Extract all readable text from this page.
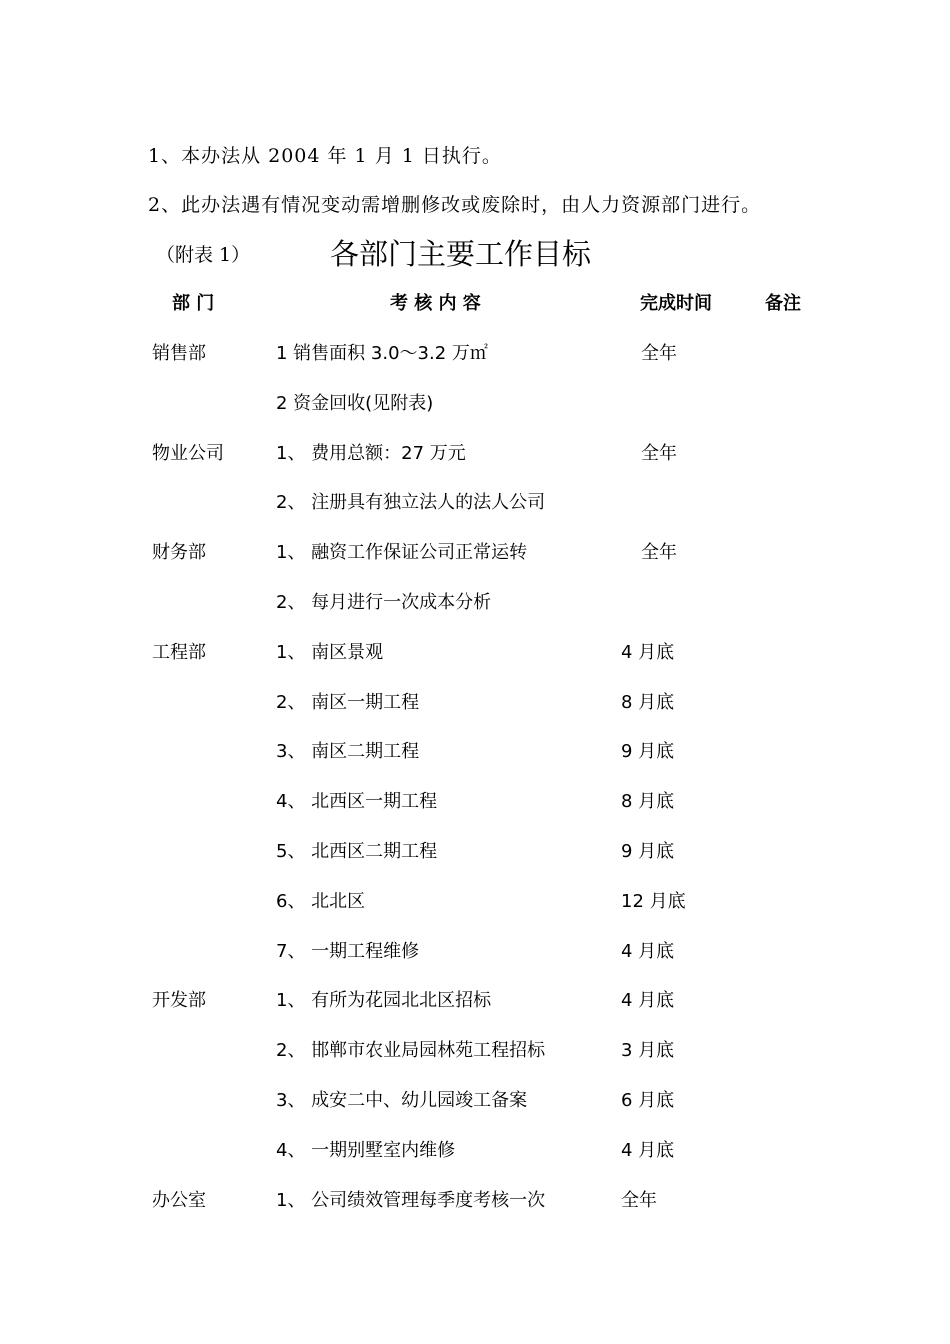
1、本办法从 2004 年 1 月 1 日执行。
2、此办法遇有情况变动需增删修改或废除时，由人力资源部门进行。
（附表 1）	各部门主要工作目标
部 门	考 核 内 容	完成时间	备注
销售部	1 销售面积 3.0～3.2 万㎡	全年
2 资金回收(见附表)
物业公司	1、 费用总额：27 万元	全年
2、 注册具有独立法人的法人公司
财务部	1、 融资工作保证公司正常运转	全年
2、 每月进行一次成本分析
工程部	1、 南区景观	4 月底
2、 南区一期工程	8 月底
3、 南区二期工程	9 月底
4、 北西区一期工程	8 月底
5、 北西区二期工程	9 月底
6、 北北区	12 月底
7、 一期工程维修	4 月底
开发部	1、 有所为花园北北区招标	4 月底
2、 邯郸市农业局园林苑工程招标	3 月底
3、 成安二中、幼儿园竣工备案	6 月底
4、 一期别墅室内维修	4 月底
办公室	1、 公司绩效管理每季度考核一次	全年
